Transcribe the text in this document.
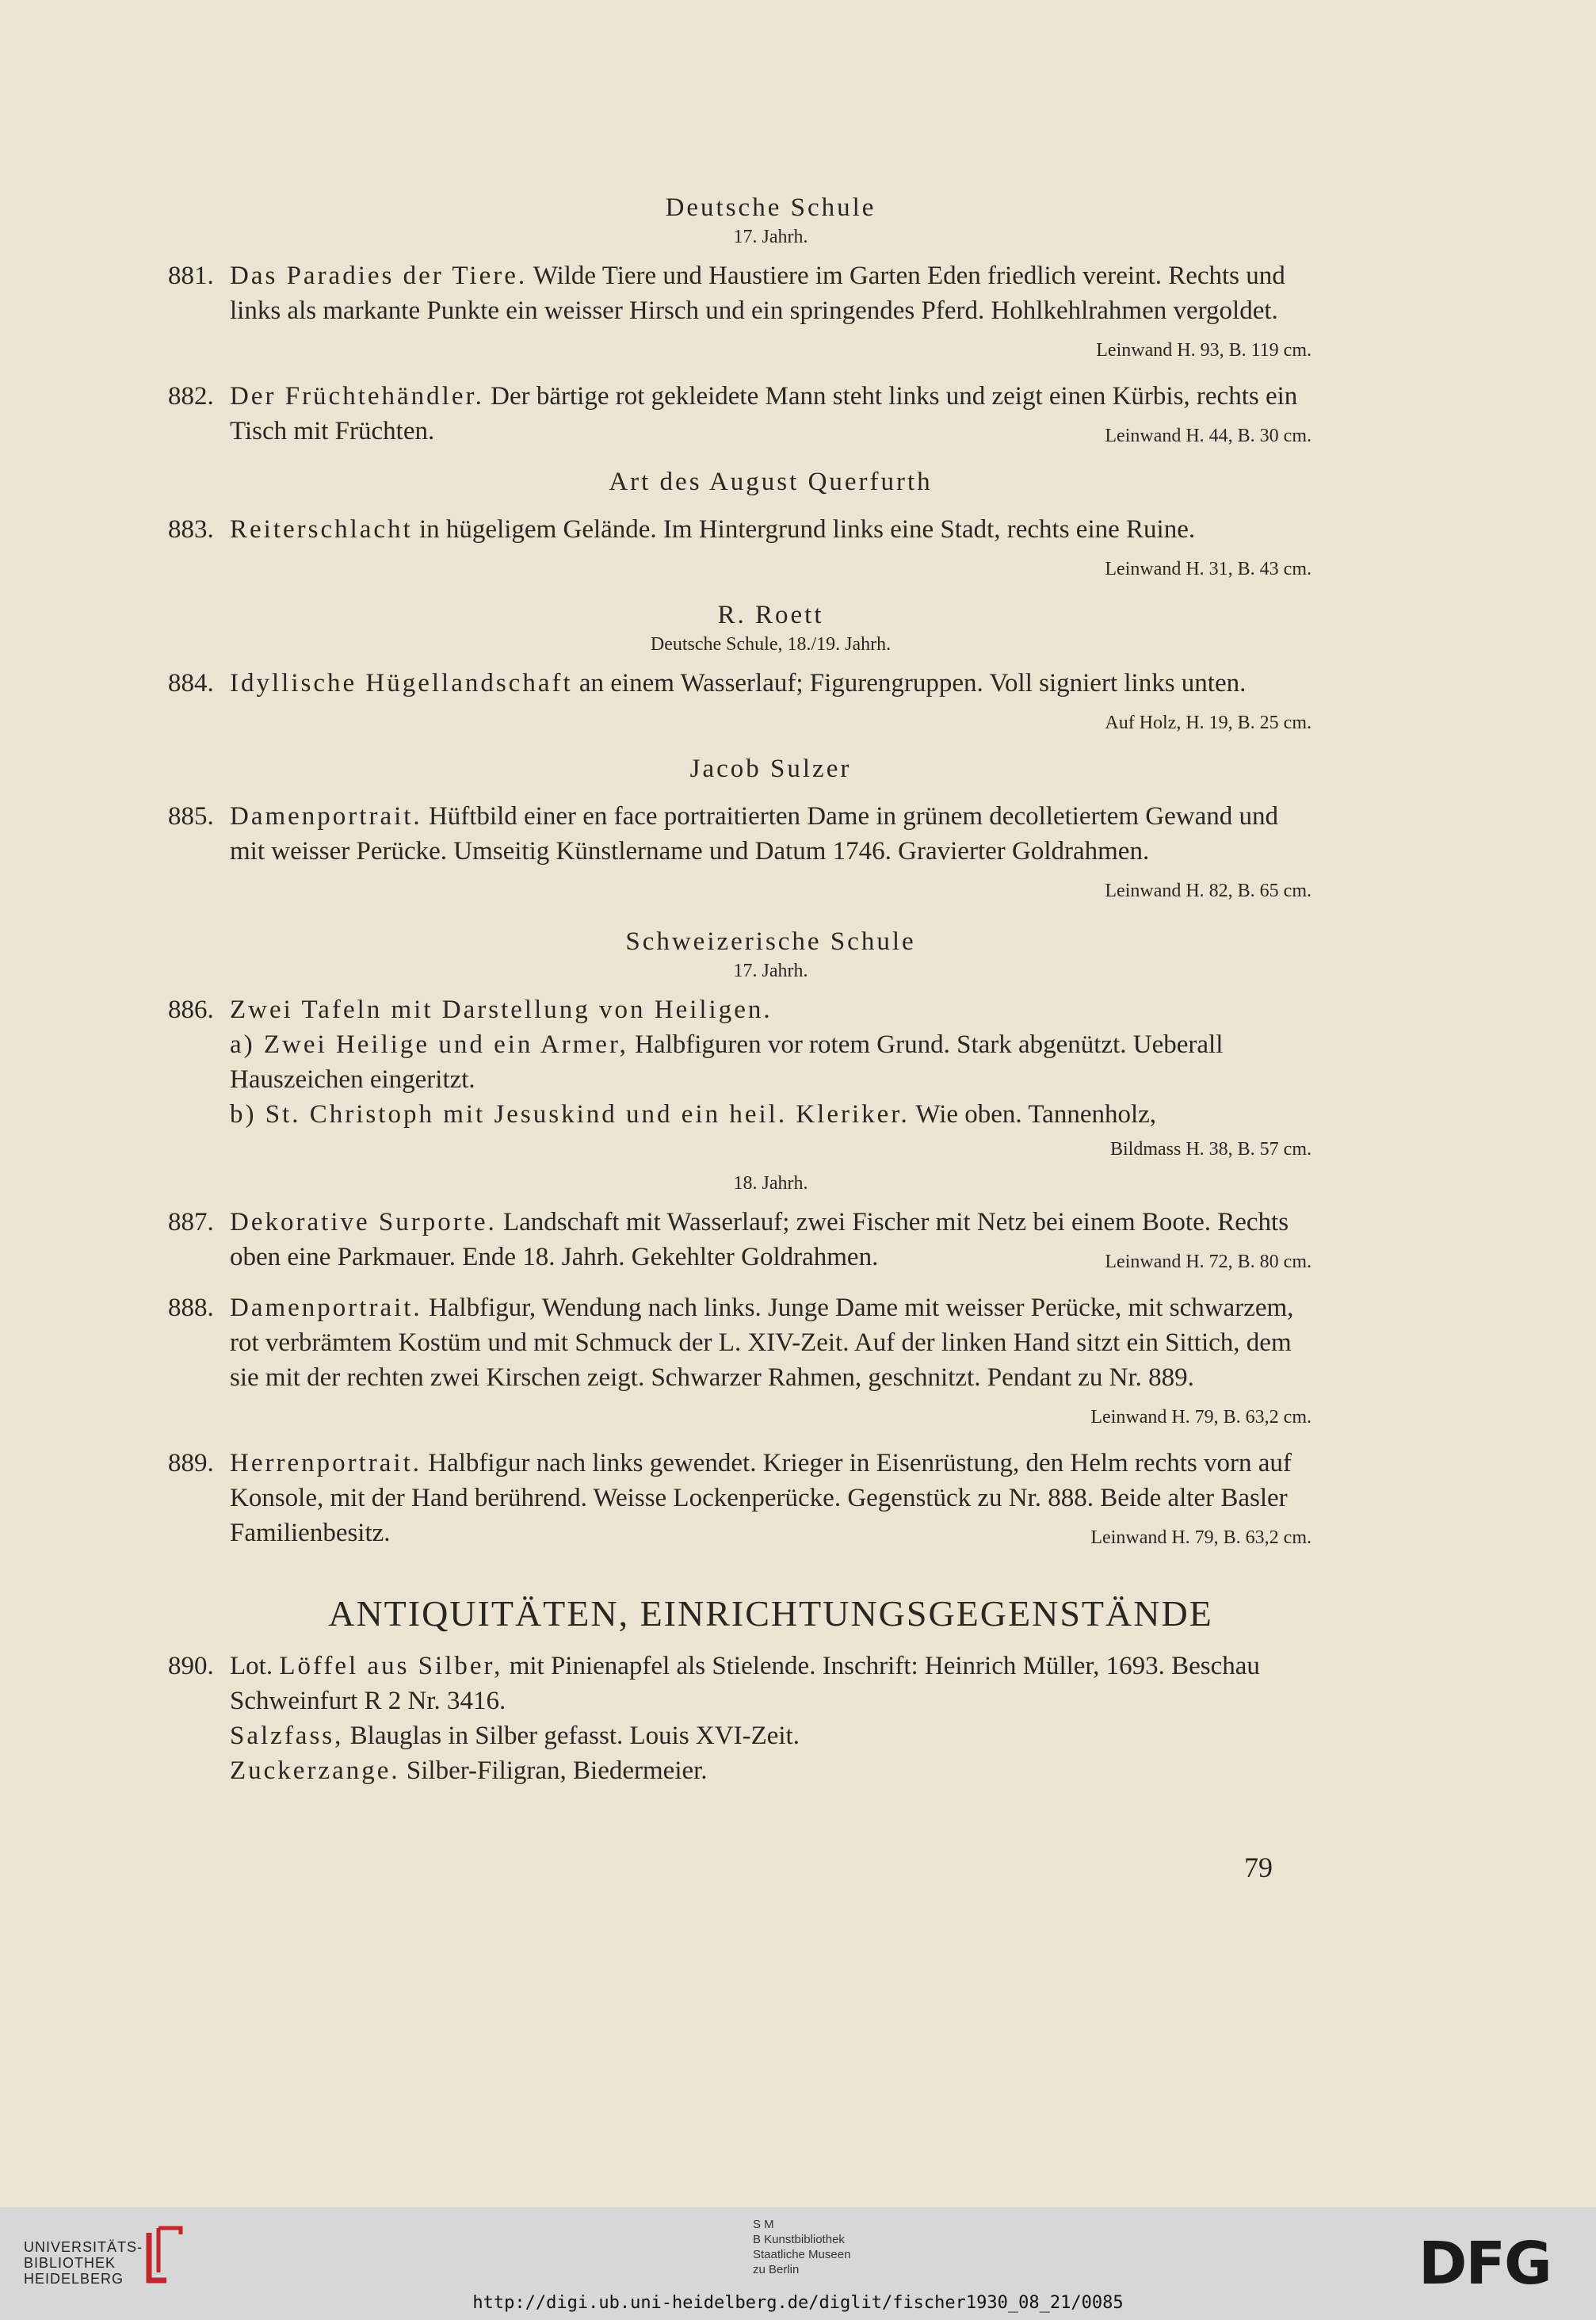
Deutsche Schule
17. Jahrh.
881. Das Paradies der Tiere. Wilde Tiere und Haustiere im Garten Eden friedlich vereint. Rechts und links als markante Punkte ein weisser Hirsch und ein springendes Pferd. Hohlkehlrahmen vergoldet.
Leinwand H. 93, B. 119 cm.
882. Der Früchtehändler. Der bärtige rot gekleidete Mann steht links und zeigt einen Kürbis, rechts ein Tisch mit Früchten.	Leinwand H. 44, B. 30 cm.
Art des August Querfurth
883. Reiterschlacht in hügeligem Gelände. Im Hintergrund links eine Stadt, rechts eine Ruine.
Leinwand H. 31, B. 43 cm.
R. Roett
Deutsche Schule, 18./19. Jahrh.
884. Idyllische Hügellandschaft an einem Wasserlauf; Figurengruppen. Voll signiert links unten.
Auf Holz, H. 19, B. 25 cm.
Jacob Sulzer
885. Damenportrait. Hüftbild einer en face portraitierten Dame in grünem decolletiertem Gewand und mit weisser Perücke. Umseitig Künstlername und Datum 1746. Gravierter Goldrahmen.
Leinwand H. 82, B. 65 cm.
Schweizerische Schule
17. Jahrh.
886. Zwei Tafeln mit Darstellung von Heiligen.
a) Zwei Heilige und ein Armer, Halbfiguren vor rotem Grund. Stark abgenützt. Ueberall Hauszeichen eingeritzt.
b) St. Christoph mit Jesuskind und ein heil. Kleriker. Wie oben. Tannenholz,
Bildmass H. 38, B. 57 cm.
18. Jahrh.
887. Dekorative Surporte. Landschaft mit Wasserlauf; zwei Fischer mit Netz bei einem Boote. Rechts oben eine Parkmauer. Ende 18. Jahrh. Gekehlter Goldrahmen.	Leinwand H. 72, B. 80 cm.
888. Damenportrait. Halbfigur, Wendung nach links. Junge Dame mit weisser Perücke, mit schwarzem, rot verbrämtem Kostüm und mit Schmuck der L. XIV-Zeit. Auf der linken Hand sitzt ein Sittich, dem sie mit der rechten zwei Kirschen zeigt. Schwarzer Rahmen, geschnitzt. Pendant zu Nr. 889.
Leinwand H. 79, B. 63,2 cm.
889. Herrenportrait. Halbfigur nach links gewendet. Krieger in Eisenrüstung, den Helm rechts vorn auf Konsole, mit der Hand berührend. Weisse Lockenperücke. Gegenstück zu Nr. 888. Beide alter Basler Familienbesitz.	Leinwand H. 79, B. 63,2 cm.
ANTIQUITÄTEN, EINRICHTUNGSGEGENSTÄNDE
890. Lot. Löffel aus Silber, mit Pinienapfel als Stielende. Inschrift: Heinrich Müller, 1693. Beschau Schweinfurt R 2 Nr. 3416.
Salzfass, Blauglas in Silber gefasst. Louis XVI-Zeit.
Zuckerzange. Silber-Filigran, Biedermeier.
79
UNIVERSITÄTS-
BIBLIOTHEK
HEIDELBERG
S M
B Kunstbibliothek
Staatliche Museen
zu Berlin	DFG
http://digi.ub.uni-heidelberg.de/diglit/fischer1930_08_21/0085
